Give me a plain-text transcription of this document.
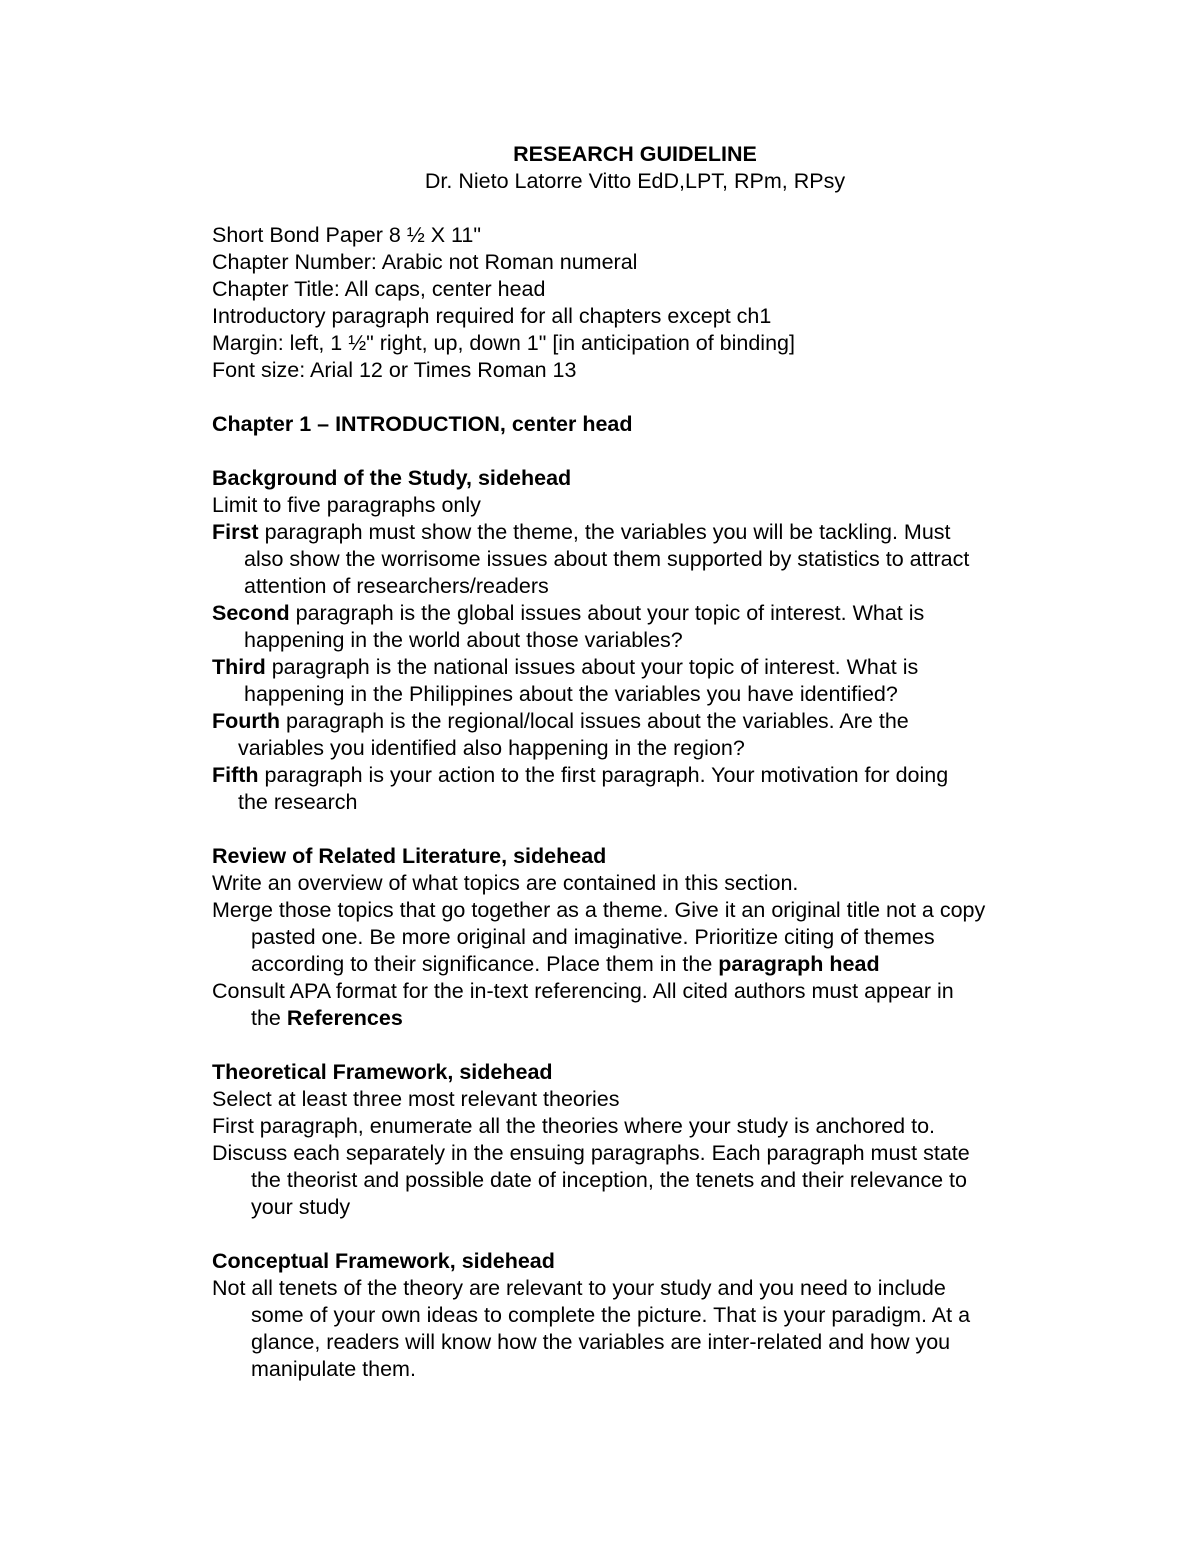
RESEARCH GUIDELINE
Dr. Nieto Latorre Vitto EdD,LPT, RPm, RPsy
Short Bond Paper 8 ½ X 11"
Chapter Number: Arabic not Roman numeral
Chapter Title: All caps, center head
Introductory paragraph required for all chapters except ch1
Margin: left, 1 ½" right, up, down 1" [in anticipation of binding]
Font size: Arial 12 or Times Roman 13
Chapter 1 – INTRODUCTION, center head
Background of the Study, sidehead
Limit to five paragraphs only
First paragraph must show the theme, the variables you will be tackling. Must
also show the worrisome issues about them supported by statistics to attract
attention of researchers/readers
Second paragraph is the global issues about your topic of interest. What is
happening in the world about those variables?
Third paragraph is the national issues about your topic of interest. What is
happening in the Philippines about the variables you have identified?
Fourth paragraph is the regional/local issues about the variables. Are the
variables you identified also happening in the region?
Fifth paragraph is your action to the first paragraph. Your motivation for doing
the research
Review of Related Literature, sidehead
Write an overview of what topics are contained in this section.
Merge those topics that go together as a theme. Give it an original title not a copy
pasted one. Be more original and imaginative. Prioritize citing of themes
according to their significance. Place them in the paragraph head
Consult APA format for the in-text referencing. All cited authors must appear in
the References
Theoretical Framework, sidehead
Select at least three most relevant theories
First paragraph, enumerate all the theories where your study is anchored to.
Discuss each separately in the ensuing paragraphs. Each paragraph must state
the theorist and possible date of inception, the tenets and their relevance to
your study
Conceptual Framework, sidehead
Not all tenets of the theory are relevant to your study and you need to include
some of your own ideas to complete the picture. That is your paradigm. At a
glance, readers will know how the variables are inter-related and how you
manipulate them.
